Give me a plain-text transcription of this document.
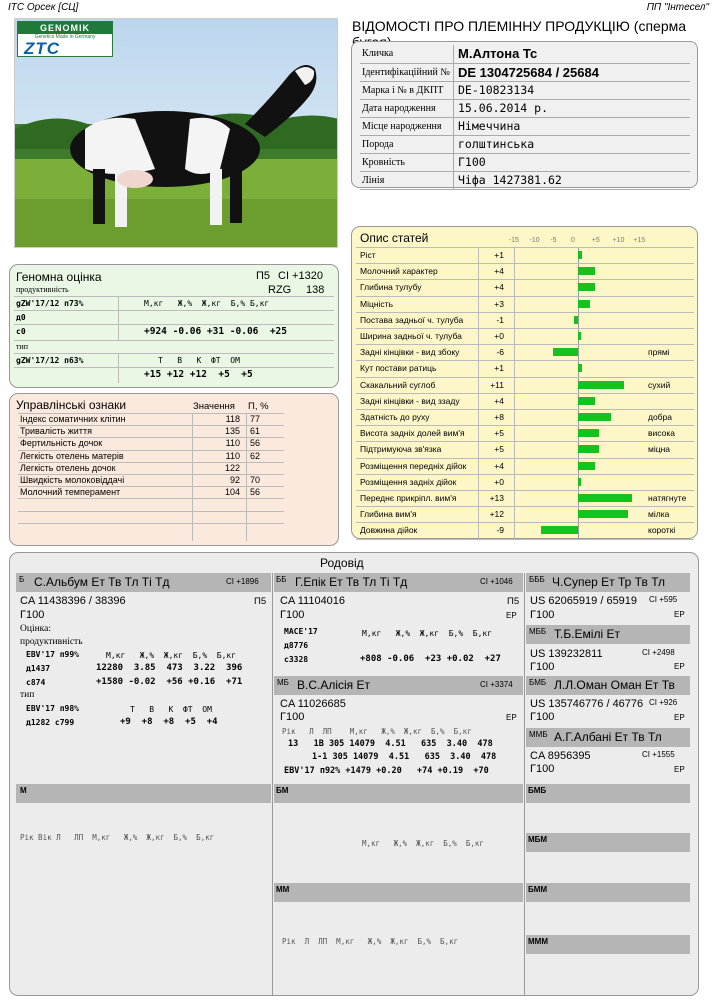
ITC Орсек [СЦ]	ПП "Інтесел"
GENOMIK
Genetics Made in Germany
ZTC
ВІДОМОСТІ ПРО ПЛЕМІННУ ПРОДУКЦІЮ (сперма
Кличка	М.Алтона Тс
Ідентифікаційний № DE 1304725684 / 25684
Марка і № в ДКПТ DE-10823134
Дата народження 15.06.2014 р.
Місце народження Німеччина
Порода	голштинська
Кровність	Г100
Лінія	Чіфа 1427381.62
Геномна оцінка	П5 CI +1320
RZG 138
продуктивність
gZW'17/12 п73%	М,кг   Ж,%  Ж,кг  Б,% Б,кг
д0
с0	+924 -0.06 +31 -0.06  +25
тип
gZW'17/12 п63%	Т   В   К  ФТ  ОМ
+15 +12 +12  +5  +5
Управлінські ознаки	Значення П, %
Індекс соматичних клітин	118 77
Тривалість життя	135 61
Фертильність дочок	110 56
Легкість отелень матерів	110 62
Легкість отелень дочок	122
Швидкість молоковіддачі	92 70
Молочний темперамент	104 56
Опис статей	-15 -10 -5 0 +5 +10 +15
Ріст	+1
Молочний характер	+4
Глибина тулубу	+4
Міцність	+3
Постава задньої ч. тулуба	-1
Ширина задньої ч. тулуба	+0
Задні кінцівки - вид збоку	-6	прямі
Кут постави ратиць	+1
Скакальний суглоб	+11	сухий
Задні кінцівки - вид ззаду	+4
Здатність до руху	+8	добра
Висота задніх долей вим'я	+5	висока
Підтримуюча зв'язка	+5	міцна
Розміщення передніх дійок	+4
Розміщення задніх дійок	+0
Переднє прикріпл. вим'я	+13	натягнуте
Глибина вим'я	+12	мілка
Довжина дійок	-9	короткі
Родовід
Б С.Альбум Ет Тв Тл Ті Тд	CI +1896
CA 11438396 / 38396	П5
Г100
Оцінка:
продуктивність
EBV'17 п99%	М,кг   Ж,%  Ж,кг  Б,%  Б,кг
д1437	12280  3.85  473  3.22  396
с874	+1580 -0.02  +56 +0.16  +71
тип
EBV'17 п98%	Т   В   К  ФТ  ОМ
д1282 с799	+9  +8  +8  +5  +4
ББ Г.Епік Ет Тв Тл Ті Тд	CI +1046
CA 11104016	П5
Г100	ЕР
MACE'17	М,кг   Ж,%  Ж,кг  Б,%  Б,кг
д8776
с3328	+808 -0.06  +23 +0.02  +27
БББ Ч.Супер Ет Тр Тв Тл
US 62065919 / 65919 CI +595
Г100	ЕР
МББ Т.Б.Емілі Ет
US 139232811	CI +2498
Г100	ЕР
МБ В.С.Алісія Ет	CI +3374
CA 11026685
Г100	ЕР
Рік   Л  ЛП    М,кг   Ж,%  Ж,кг  Б,%  Б,кг
13   1В 305 14079  4.51   635  3.40  478
1-1 305 14079  4.51   635  3.40  478
EBV'17 п92% +1479 +0.20   +74 +0.19  +70
БМБ Л.Л.Оман Оман Ет Тв
US 135746776 / 46776 CI +926
Г100	ЕР
ММБ А.Г.Албані Ет Тв Тл
CA 8956395	CI +1555
Г100	ЕР
М
Рік Вік Л   ЛП  М,кг   Ж,%  Ж,кг  Б,%  Б,кг
БМ
М,кг   Ж,%  Ж,кг  Б,%  Б,кг
БМБ
МБМ
ММ
Рік  Л  ЛП  М,кг   Ж,%  Ж,кг  Б,%  Б,кг
БММ
МММ
